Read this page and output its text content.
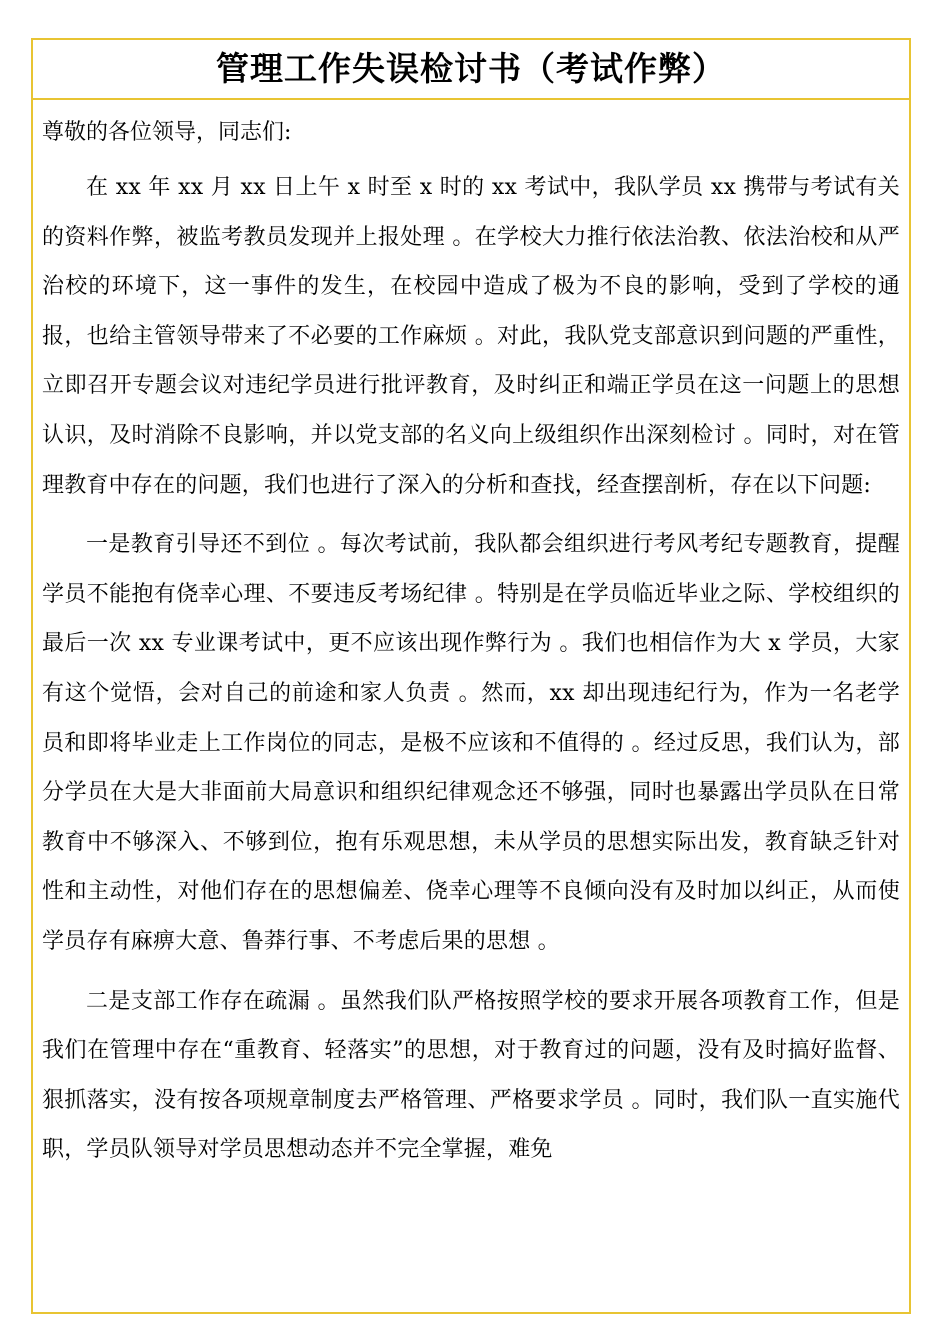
管理工作失误检讨书（考试作弊）

尊敬的各位领导，同志们:

在 xx 年 xx 月 xx 日上午 x 时至 x 时的 xx 考试中，我队学员 xx 携带与考试有关的资料作弊，被监考教员发现并上报处理 。在学校大力推行依法治教、依法治校和从严治校的环境下，这一事件的发生，在校园中造成了极为不良的影响，受到了学校的通报，也给主管领导带来了不必要的工作麻烦 。对此，我队党支部意识到问题的严重性，立即召开专题会议对违纪学员进行批评教育，及时纠正和端正学员在这一问题上的思想认识，及时消除不良影响，并以党支部的名义向上级组织作出深刻检讨 。同时，对在管理教育中存在的问题，我们也进行了深入的分析和查找，经查摆剖析，存在以下问题:

一是教育引导还不到位 。每次考试前，我队都会组织进行考风考纪专题教育，提醒学员不能抱有侥幸心理、不要违反考场纪律 。特别是在学员临近毕业之际、学校组织的最后一次 xx 专业课考试中，更不应该出现作弊行为 。我们也相信作为大 x 学员，大家有这个觉悟，会对自己的前途和家人负责 。然而，xx 却出现违纪行为，作为一名老学员和即将毕业走上工作岗位的同志，是极不应该和不值得的 。经过反思，我们认为，部分学员在大是大非面前大局意识和组织纪律观念还不够强，同时也暴露出学员队在日常教育中不够深入、不够到位，抱有乐观思想，未从学员的思想实际出发，教育缺乏针对性和主动性，对他们存在的思想偏差、侥幸心理等不良倾向没有及时加以纠正，从而使学员存有麻痹大意、鲁莽行事、不考虑后果的思想 。

二是支部工作存在疏漏 。虽然我们队严格按照学校的要求开展各项教育工作，但是我们在管理中存在“重教育、轻落实”的思想，对于教育过的问题，没有及时搞好监督、狠抓落实，没有按各项规章制度去严格管理、严格要求学员 。同时，我们队一直实施代职，学员队领导对学员思想动态并不完全掌握，难免
